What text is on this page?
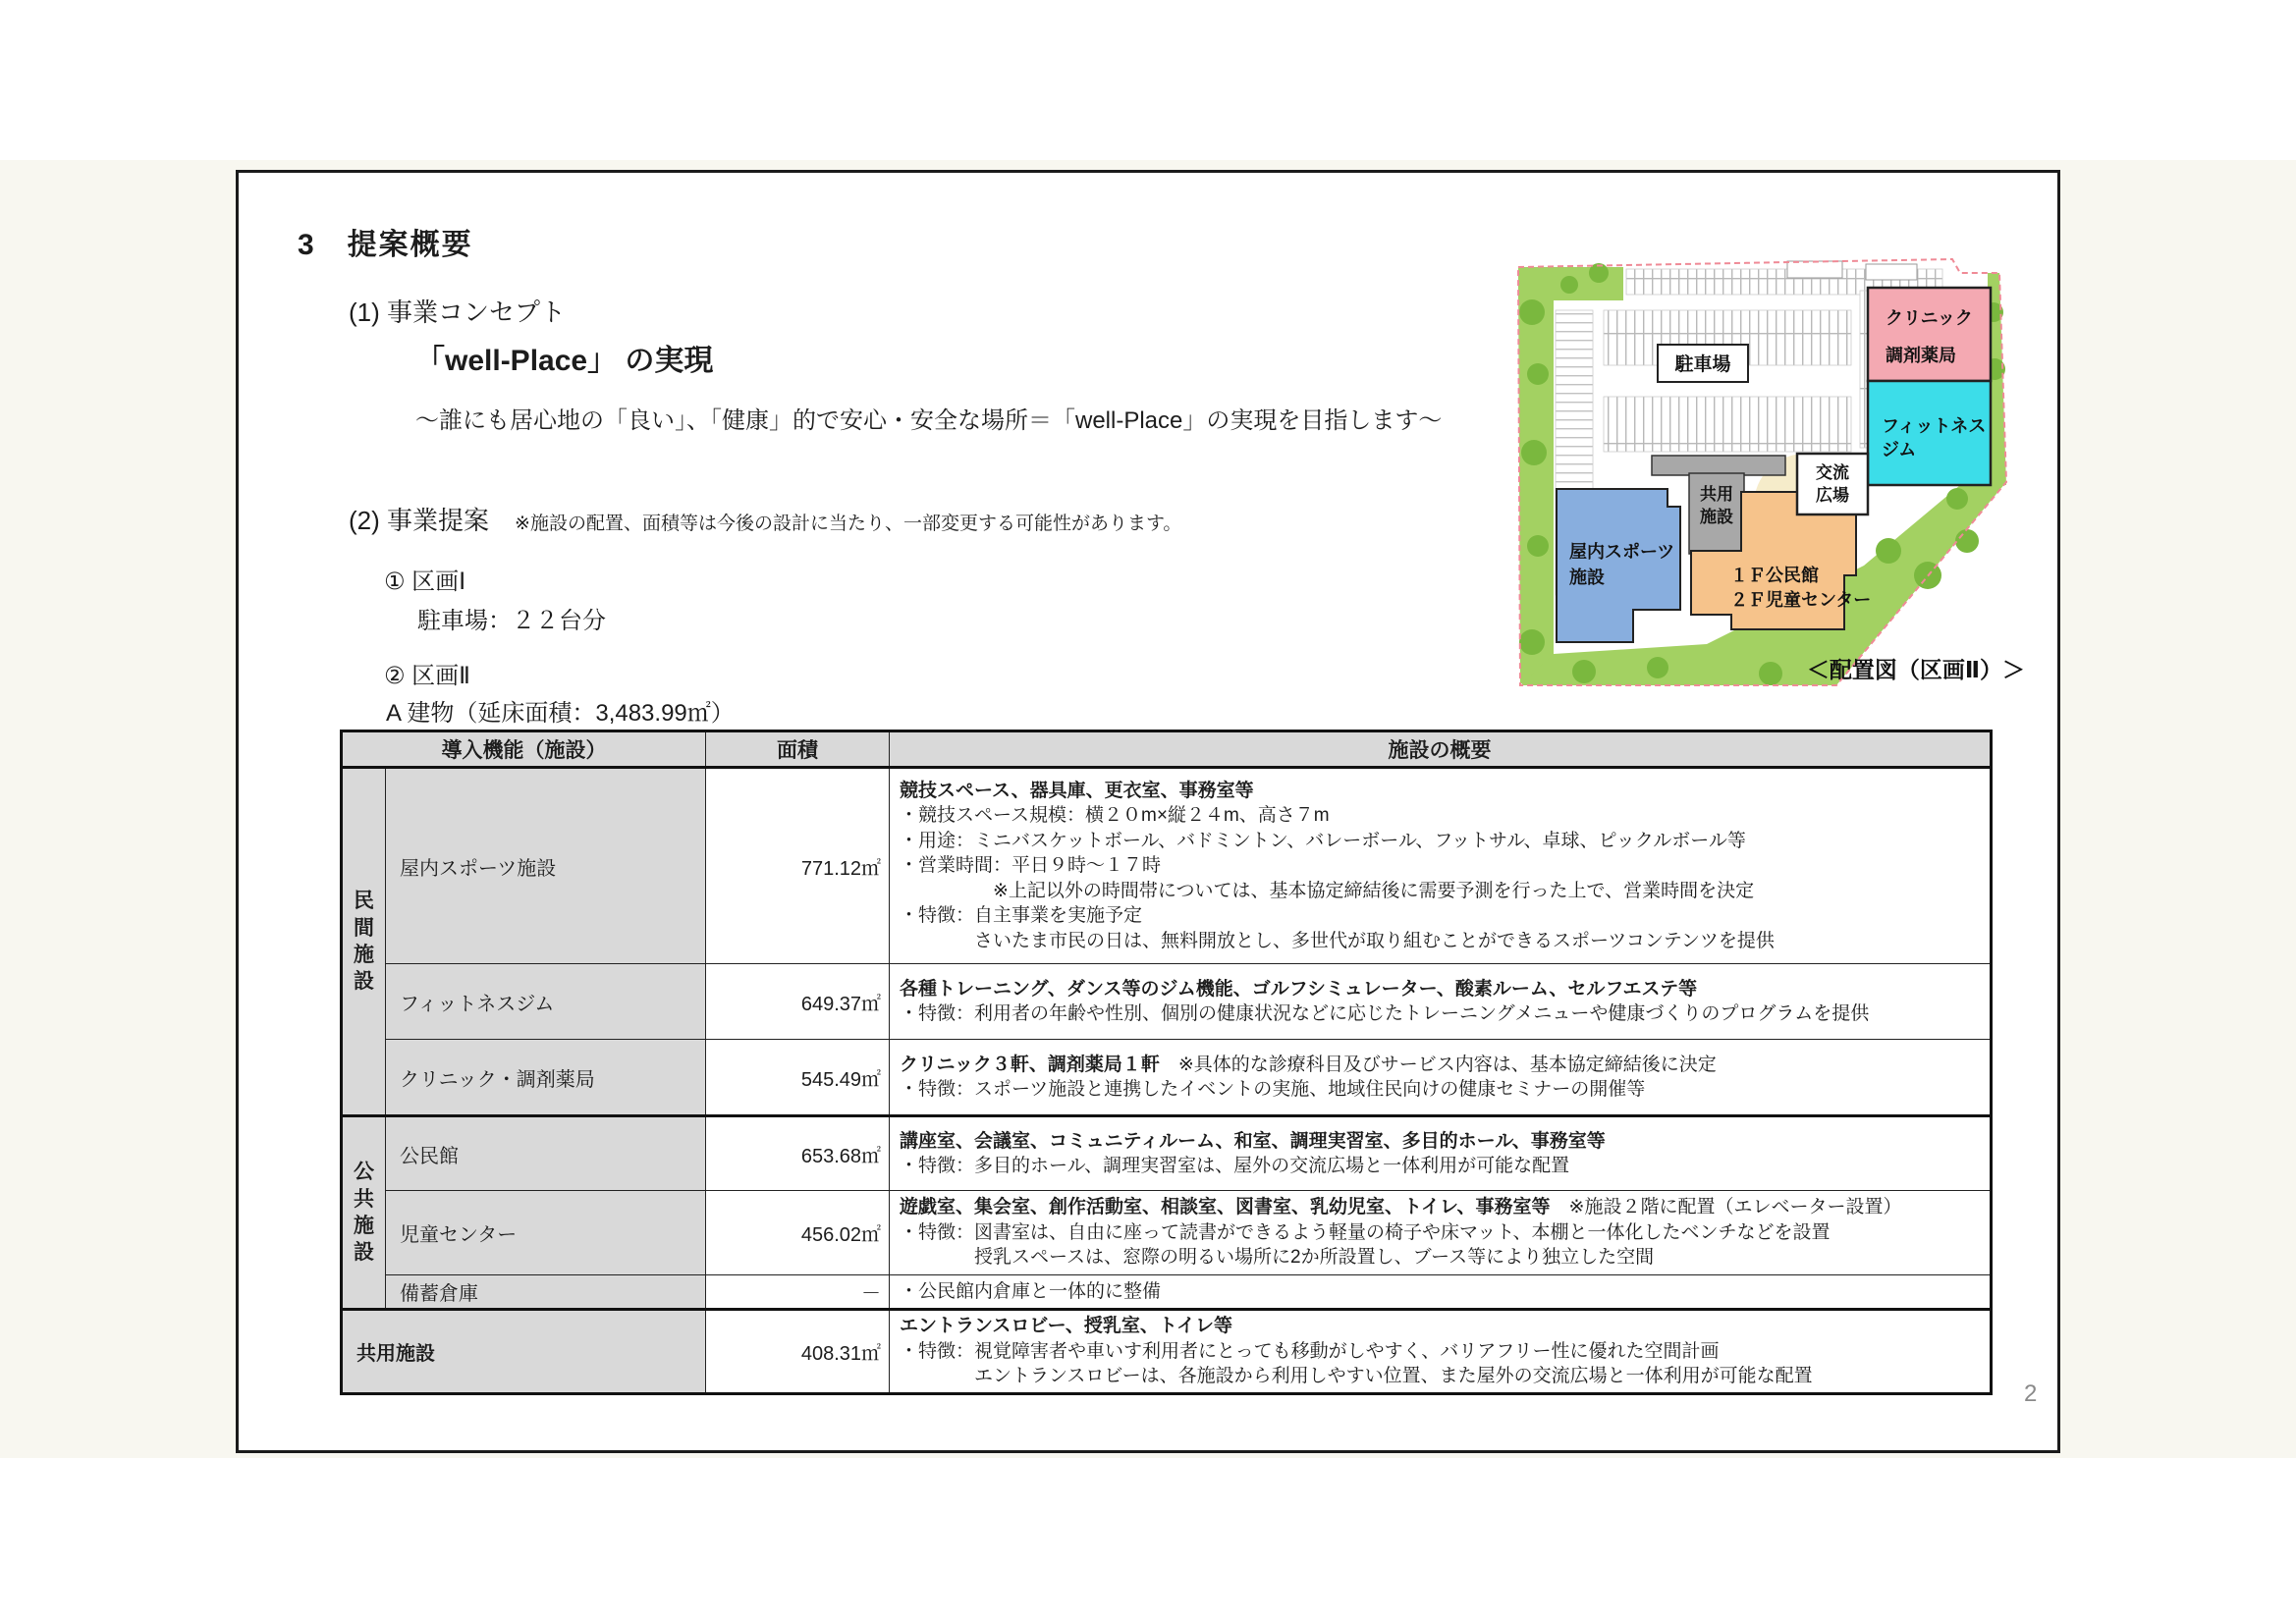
3　提案概要
(1) 事業コンセプト
「well-Place」 の実現
〜誰にも居心地の「良い」、「健康」的で安心・安全な場所＝「well-Place」の実現を目指します〜
(2) 事業提案　 ※施設の配置、面積等は今後の設計に当たり、一部変更する可能性があります。
① 区画Ⅰ
駐車場：２２台分
② 区画Ⅱ
A 建物（延床面積：3,483.99㎡）
駐車場
クリニック
調剤薬局
フィットネス
ジム
交流
広場
共用
施設
屋内スポーツ
施設	１Ｆ公民館
２Ｆ児童センター
＜配置図（区画Ⅱ）＞
導入機能（施設）		面積	施設の概要

民間施設
	屋内スポーツ施設	771.12㎡	
競技スペース、器具庫、更衣室、事務室等
・競技スペース規模：横２０m×縦２４m、高さ７m
・用途：ミニバスケットボール、バドミントン、バレーボール、フットサル、卓球、ピックルボール等
・営業時間：平日９時～１７時
　　　　　※上記以外の時間帯については、基本協定締結後に需要予測を行った上で、営業時間を決定
・特徴：自主事業を実施予定
　　　　さいたま市民の日は、無料開放とし、多世代が取り組むことができるスポーツコンテンツを提供

	フィットネスジム	649.37㎡	各種トレーニング、ダンス等のジム機能、ゴルフシミュレーター、酸素ルーム、セルフエステ等
・特徴：利用者の年齢や性別、個別の健康状況などに応じたトレーニングメニューや健康づくりのプログラムを提供

	クリニック・調剤薬局	545.49㎡	クリニック３軒、調剤薬局１軒　※具体的な診療科目及びサービス内容は、基本協定締結後に決定
・特徴：スポーツ施設と連携したイベントの実施、地域住民向けの健康セミナーの開催等

公共施設	公民館	653.68㎡	講座室、会議室、コミュニティルーム、和室、調理実習室、多目的ホール、事務室等
・特徴：多目的ホール、調理実習室は、屋外の交流広場と一体利用が可能な配置

	児童センター	456.02㎡	遊戯室、集会室、創作活動室、相談室、図書室、乳幼児室、トイレ、事務室等　※施設２階に配置（エレベーター設置）
・特徴：図書室は、自由に座って読書ができるよう軽量の椅子や床マット、本棚と一体化したベンチなどを設置
　　　　授乳スペースは、窓際の明るい場所に2か所設置し、ブース等により独立した空間

	備蓄倉庫	－	・公民館内倉庫と一体的に整備

共用施設		408.31㎡	エントランスロビー、授乳室、トイレ等
・特徴：視覚障害者や車いす利用者にとっても移動がしやすく、バリアフリー性に優れた空間計画
　　　　エントランスロビーは、各施設から利用しやすい位置、また屋外の交流広場と一体利用が可能な配置
2
